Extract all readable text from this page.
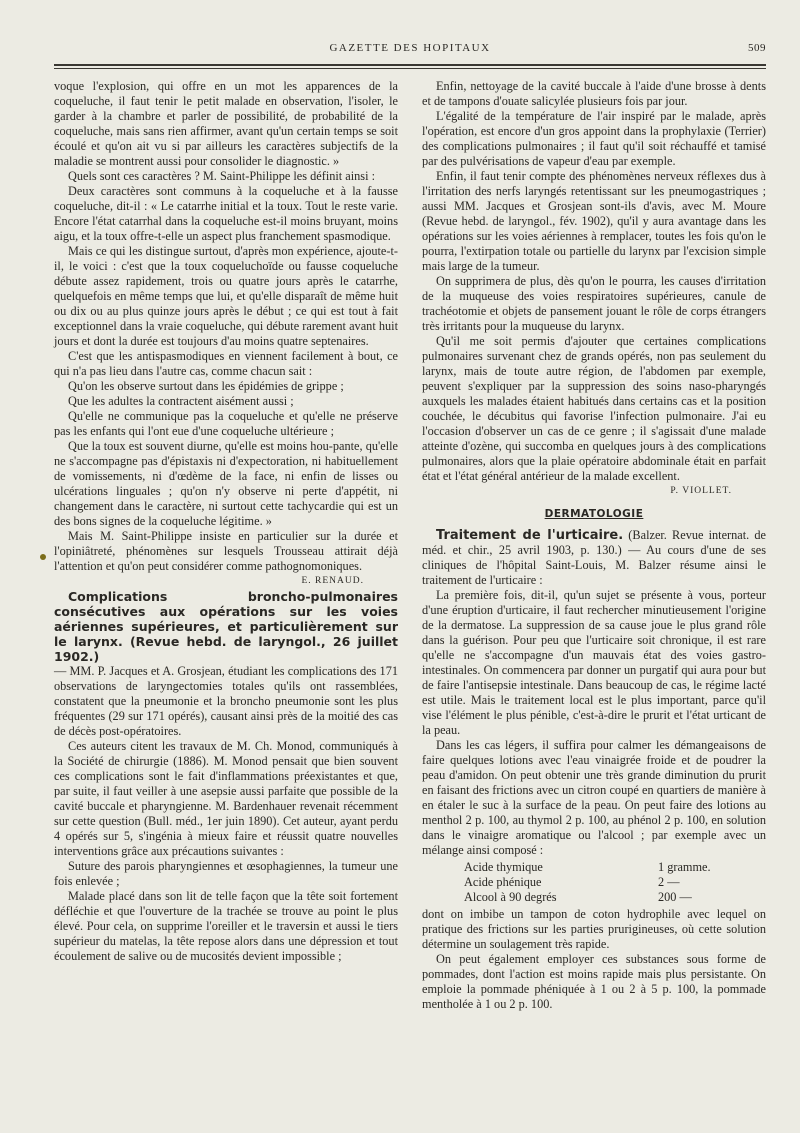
GAZETTE DES HOPITAUX	509

voque l'explosion, qui offre en un mot les apparences de la coqueluche, il faut tenir le petit malade en observation, l'isoler, le garder à la chambre et parler de possibilité, de probabilité de la coqueluche, mais sans rien affirmer, avant qu'un certain temps se soit écoulé et qu'on ait vu si par ailleurs les caractères subjectifs de la maladie se montrent aussi pour consolider le diagnostic. »

Quels sont ces caractères ? M. Saint-Philippe les définit ainsi :

Deux caractères sont communs à la coqueluche et à la fausse coqueluche, dit-il : « Le catarrhe initial et la toux. Tout le reste varie. Encore l'état catarrhal dans la coqueluche est-il moins bruyant, moins aigu, et la toux offre-t-elle un aspect plus franchement spasmodique.

Mais ce qui les distingue surtout, d'après mon expérience, ajoute-t-il, le voici : c'est que la toux coqueluchoïde ou fausse coqueluche débute assez rapidement, trois ou quatre jours après le catarrhe, quelquefois en même temps que lui, et qu'elle disparaît de même huit ou dix ou au plus quinze jours après le début ; ce qui est tout à fait exceptionnel dans la vraie coqueluche, qui débute rarement avant huit jours et dont la durée est toujours d'au moins quatre septenaires.

C'est que les antispasmodiques en viennent facilement à bout, ce qui n'a pas lieu dans l'autre cas, comme chacun sait :

Qu'on les observe surtout dans les épidémies de grippe ;

Que les adultes la contractent aisément aussi ;

Qu'elle ne communique pas la coqueluche et qu'elle ne préserve pas les enfants qui l'ont eue d'une coqueluche ultérieure ;

Que la toux est souvent diurne, qu'elle est moins hou-pante, qu'elle ne s'accompagne pas d'épistaxis ni d'expectoration, ni habituellement de vomissements, ni d'œdème de la face, ni enfin de lisses ou ulcérations linguales ; qu'on n'y observe ni perte d'appétit, ni changement dans le caractère, ni surtout cette tachycardie qui est un des bons signes de la coqueluche légitime. »

Mais M. Saint-Philippe insiste en particulier sur la durée et l'opiniâtreté, phénomènes sur lesquels Trousseau attirait déjà l'attention et qu'on peut considérer comme pathognomoniques.

E. RENAUD.

Complications broncho-pulmonaires consécutives aux opérations sur les voies aériennes supérieures, et particulièrement sur le larynx. (Revue hebd. de laryngol., 26 juillet 1902.)

— MM. P. Jacques et A. Grosjean, étudiant les complications des 171 observations de laryngectomies totales qu'ils ont rassemblées, constatent que la pneumonie et la broncho pneumonie sont les plus fréquentes (29 sur 171 opérés), causant ainsi près de la moitié des cas de décès post-opératoires.

Ces auteurs citent les travaux de M. Ch. Monod, communiqués à la Société de chirurgie (1886). M. Monod pensait que bien souvent ces complications sont le fait d'inflammations préexistantes et que, par suite, il faut veiller à une asepsie aussi parfaite que possible de la cavité buccale et pharyngienne. M. Bardenhauer revenait récemment sur cette question (Bull. méd., 1er juin 1890). Cet auteur, ayant perdu 4 opérés sur 5, s'ingénia à mieux faire et réussit quatre nouvelles interventions grâce aux précautions suivantes :

Suture des parois pharyngiennes et œsophagiennes, la tumeur une fois enlevée ;

Malade placé dans son lit de telle façon que la tête soit fortement défléchie et que l'ouverture de la trachée se trouve au point le plus élevé. Pour cela, on supprime l'oreiller et le traversin et aussi le tiers supérieur du matelas, la tête repose alors dans une dépression et tout écoulement de salive ou de mucosités devient impossible ;

Enfin, nettoyage de la cavité buccale à l'aide d'une brosse à dents et de tampons d'ouate salicylée plusieurs fois par jour.

L'égalité de la température de l'air inspiré par le malade, après l'opération, est encore d'un gros appoint dans la prophylaxie (Terrier) des complications pulmonaires ; il faut qu'il soit réchauffé et tamisé par des pulvérisations de vapeur d'eau par exemple.

Enfin, il faut tenir compte des phénomènes nerveux réflexes dus à l'irritation des nerfs laryngés retentissant sur les pneumogastriques ; aussi MM. Jacques et Grosjean sont-ils d'avis, avec M. Moure (Revue hebd. de laryngol., fév. 1902), qu'il y aura avantage dans les opérations sur les voies aériennes à remplacer, toutes les fois qu'on le pourra, l'extirpation totale ou partielle du larynx par l'excision simple mais large de la tumeur.

On supprimera de plus, dès qu'on le pourra, les causes d'irritation de la muqueuse des voies respiratoires supérieures, canule de trachéotomie et objets de pansement jouant le rôle de corps étrangers très irritants pour la muqueuse du larynx.

Qu'il me soit permis d'ajouter que certaines complications pulmonaires survenant chez de grands opérés, non pas seulement du larynx, mais de toute autre région, de l'abdomen par exemple, peuvent s'expliquer par la suppression des soins naso-pharyngés auxquels les malades étaient habitués dans certains cas et la position couchée, le décubitus qui favorise l'infection pulmonaire. J'ai eu l'occasion d'observer un cas de ce genre ; il s'agissait d'une malade atteinte d'ozène, qui succomba en quelques jours à des complications pulmonaires, alors que la plaie opératoire abdominale était en parfait état et l'état général antérieur de la malade excellent.

P. VIOLLET.

DERMATOLOGIE

Traitement de l'urticaire. (Balzer. Revue internat. de méd. et chir., 25 avril 1903, p. 130.) — Au cours d'une de ses cliniques de l'hôpital Saint-Louis, M. Balzer résume ainsi le traitement de l'urticaire :

La première fois, dit-il, qu'un sujet se présente à vous, porteur d'une éruption d'urticaire, il faut rechercher minutieusement l'origine de la dermatose. La suppression de sa cause joue le plus grand rôle dans la guérison. Pour peu que l'urticaire soit chronique, il est rare qu'elle ne s'accompagne d'un mauvais état des voies gastro-intestinales. On commencera par donner un purgatif qui aura pour but de faire l'antisepsie intestinale. Dans beaucoup de cas, le régime lacté est utile. Mais le traitement local est le plus important, parce qu'il vise l'élément le plus pénible, c'est-à-dire le prurit et l'état urticant de la peau.

Dans les cas légers, il suffira pour calmer les démangeaisons de faire quelques lotions avec l'eau vinaigrée froide et de poudrer la peau d'amidon. On peut obtenir une très grande diminution du prurit en faisant des frictions avec un citron coupé en quartiers de manière à en étaler le suc à la surface de la peau. On peut faire des lotions au menthol 2 p. 100, au thymol 2 p. 100, au phénol 2 p. 100, en solution dans le vinaigre aromatique ou l'alcool ; par exemple avec un mélange ainsi composé :

Acide thymique	1 gramme.
Acide phénique	2 —
Alcool à 90 degrés	200 —

dont on imbibe un tampon de coton hydrophile avec lequel on pratique des frictions sur les parties prurigineuses, où cette solution détermine un soulagement très rapide.

On peut également employer ces substances sous forme de pommades, dont l'action est moins rapide mais plus persistante. On emploie la pommade phéniquée à 1 ou 2 à 5 p. 100, la pommade mentholée à 1 ou 2 p. 100.
